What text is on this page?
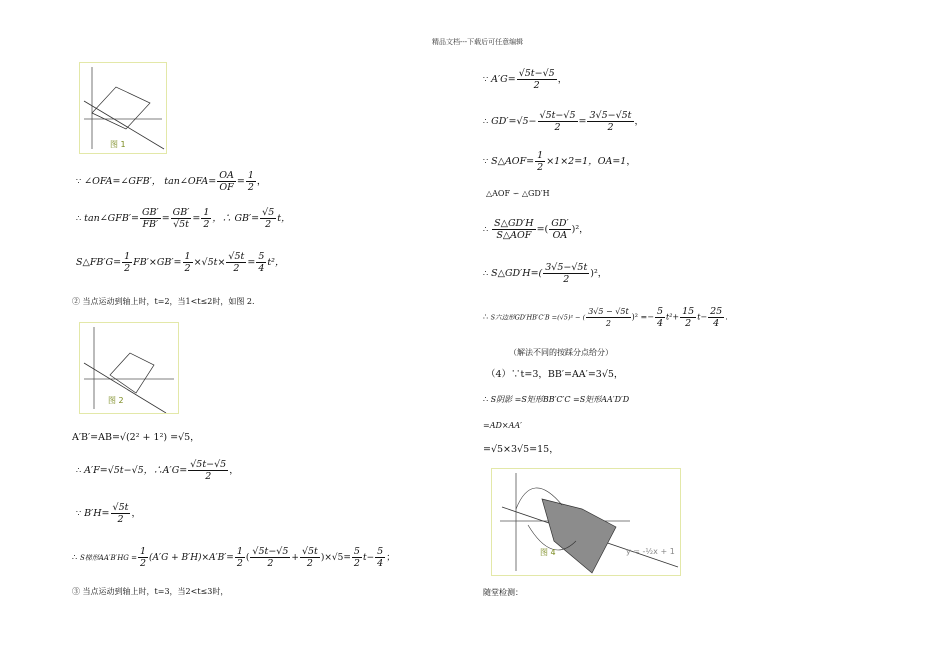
精品文档---下载后可任意编辑
图 1
图 2
图 4	y = -½x + 1
∵ ∠OFA=∠GFB′， tan∠OFA= $\frac{OA}{OF} = \frac{1}{2}$ ，
∴ tan∠GFB′= $\frac{GB'}{FB'} = \frac{GB'}{√5t} = \frac{1}{2}$ ，∴ $GB'= \frac{√5}{2}$ t，
S△FB′G= $\frac{1}{2} FB'\times GB'= \frac{1}{2} \times√5t\times \frac{√5t}{2} = \frac{5}{4} t^2$，
② 当点运动到轴上时，t=2，当1<t≤2时，如图 2.
A′B′=AB=√(2² + 1²) =√5，
∴ A′F=√5t−√5，∴A′G= $\frac{√5t-√5}{2}$ ，
∵ $B'H= \frac{√5t}{2}$ ，
∴ S梯形$AA'B'HG = \frac{1}{2} (A'G + B'H)\times A'B'= \frac{1}{2}$ ( $\frac{√5t-√5}{2} + \frac{√5t}{2} )\times√5= \frac{5}{2} t- \frac{5}{4}$ ；
③ 当点运动到轴上时，t=3，当2<t≤3时，
∵ $A'G= \frac{√5t-√5}{2}$ ，
∴ $GD'=√5- \frac{√5t-√5}{2} = \frac{3√5-√5t}{2}$ ，
∵ S△AOF= $\frac{1}{2} \times 1\times 2=1$，OA=1，
△AOF ∽ △GD′H
∴ $\frac{S\triangle GD'H}{\text{S△AOF}}$ =( $\frac{GD'}{OA} )^2$，
∴ S△GD′H=( $\frac{3√5-√5t}{2} )^2$，
∴ S六边形GD′HB′C′B =(√5)² − ( $\frac{3√5 - √5t}{2} )^2 =- \frac{5}{4} t^2+ \frac{15}{2} t- \frac{25}{4}$ .
（解法不同的按踩分点给分）
（4）∵t=3，BB′=AA′=3√5，
∴ S阴影 =S矩形BB′C′C =S矩形AA′D′D
=AD×AA′
=√5×3√5=15，
随堂检测：
